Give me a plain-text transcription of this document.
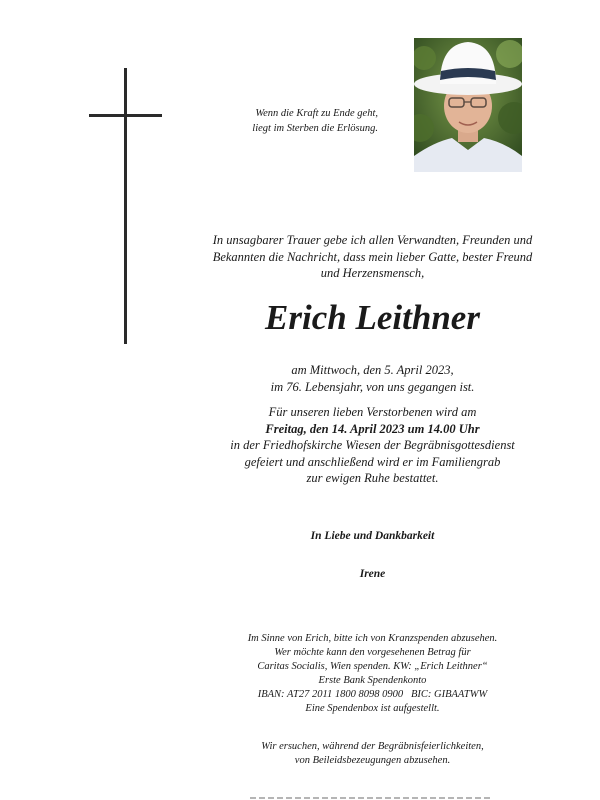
Wenn die Kraft zu Ende geht,
liegt im Sterben die Erlösung.
In unsagbarer Trauer gebe ich allen Verwandten, Freunden und
Bekannten die Nachricht, dass mein lieber Gatte, bester Freund
und Herzensmensch,
Erich Leithner
am Mittwoch, den 5. April 2023,
im 76. Lebensjahr, von uns gegangen ist.
Für unseren lieben Verstorbenen wird am
Freitag, den 14. April 2023 um 14.00 Uhr
in der Friedhofskirche Wiesen der Begräbnisgottesdienst
gefeiert und anschließend wird er im Familiengrab
zur ewigen Ruhe bestattet.
In Liebe und Dankbarkeit
Irene
Im Sinne von Erich, bitte ich von Kranzspenden abzusehen.
Wer möchte kann den vorgesehenen Betrag für
Caritas Socialis, Wien spenden. KW: „Erich Leithner“
Erste Bank Spendenkonto
IBAN: AT27 2011 1800 8098 0900   BIC: GIBAATWW
Eine Spendenbox ist aufgestellt.
Wir ersuchen, während der Begräbnisfeierlichkeiten,
von Beileidsbezeugungen abzusehen.
